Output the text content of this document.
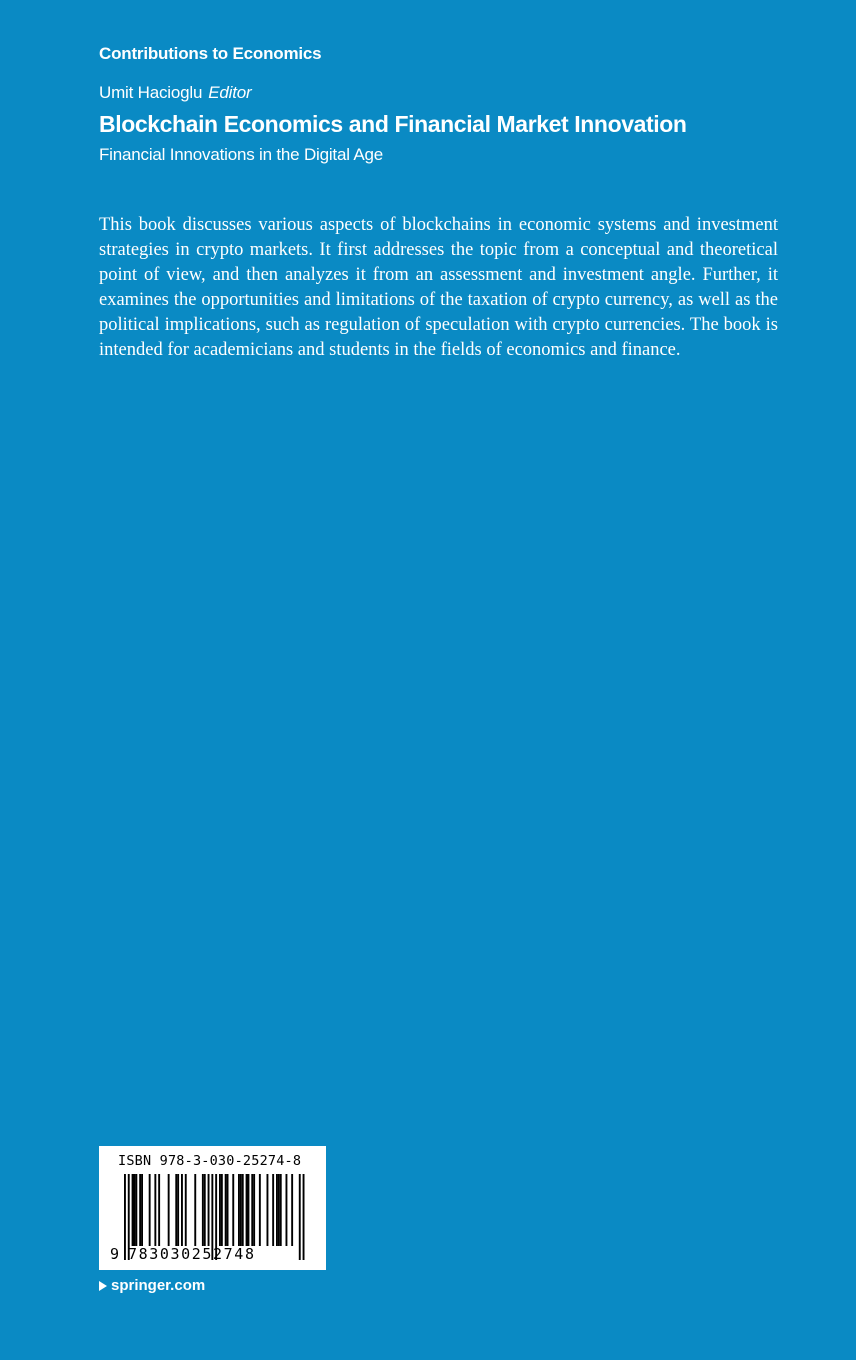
Contributions to Economics
Umit Hacioglu Editor
Blockchain Economics and Financial Market Innovation
Financial Innovations in the Digital Age

This book discusses various aspects of blockchains in economic systems and investment strategies in crypto markets. It first addresses the topic from a conceptual and theoretical point of view, and then analyzes it from an assessment and investment angle. Further, it examines the opportunities and limitations of the taxation of crypto currency, as well as the political implications, such as regulation of speculation with crypto currencies. The book is intended for academicians and students in the fields of economics and finance.

ISBN 978-3-030-25274-8
9 783030252748
springer.com
